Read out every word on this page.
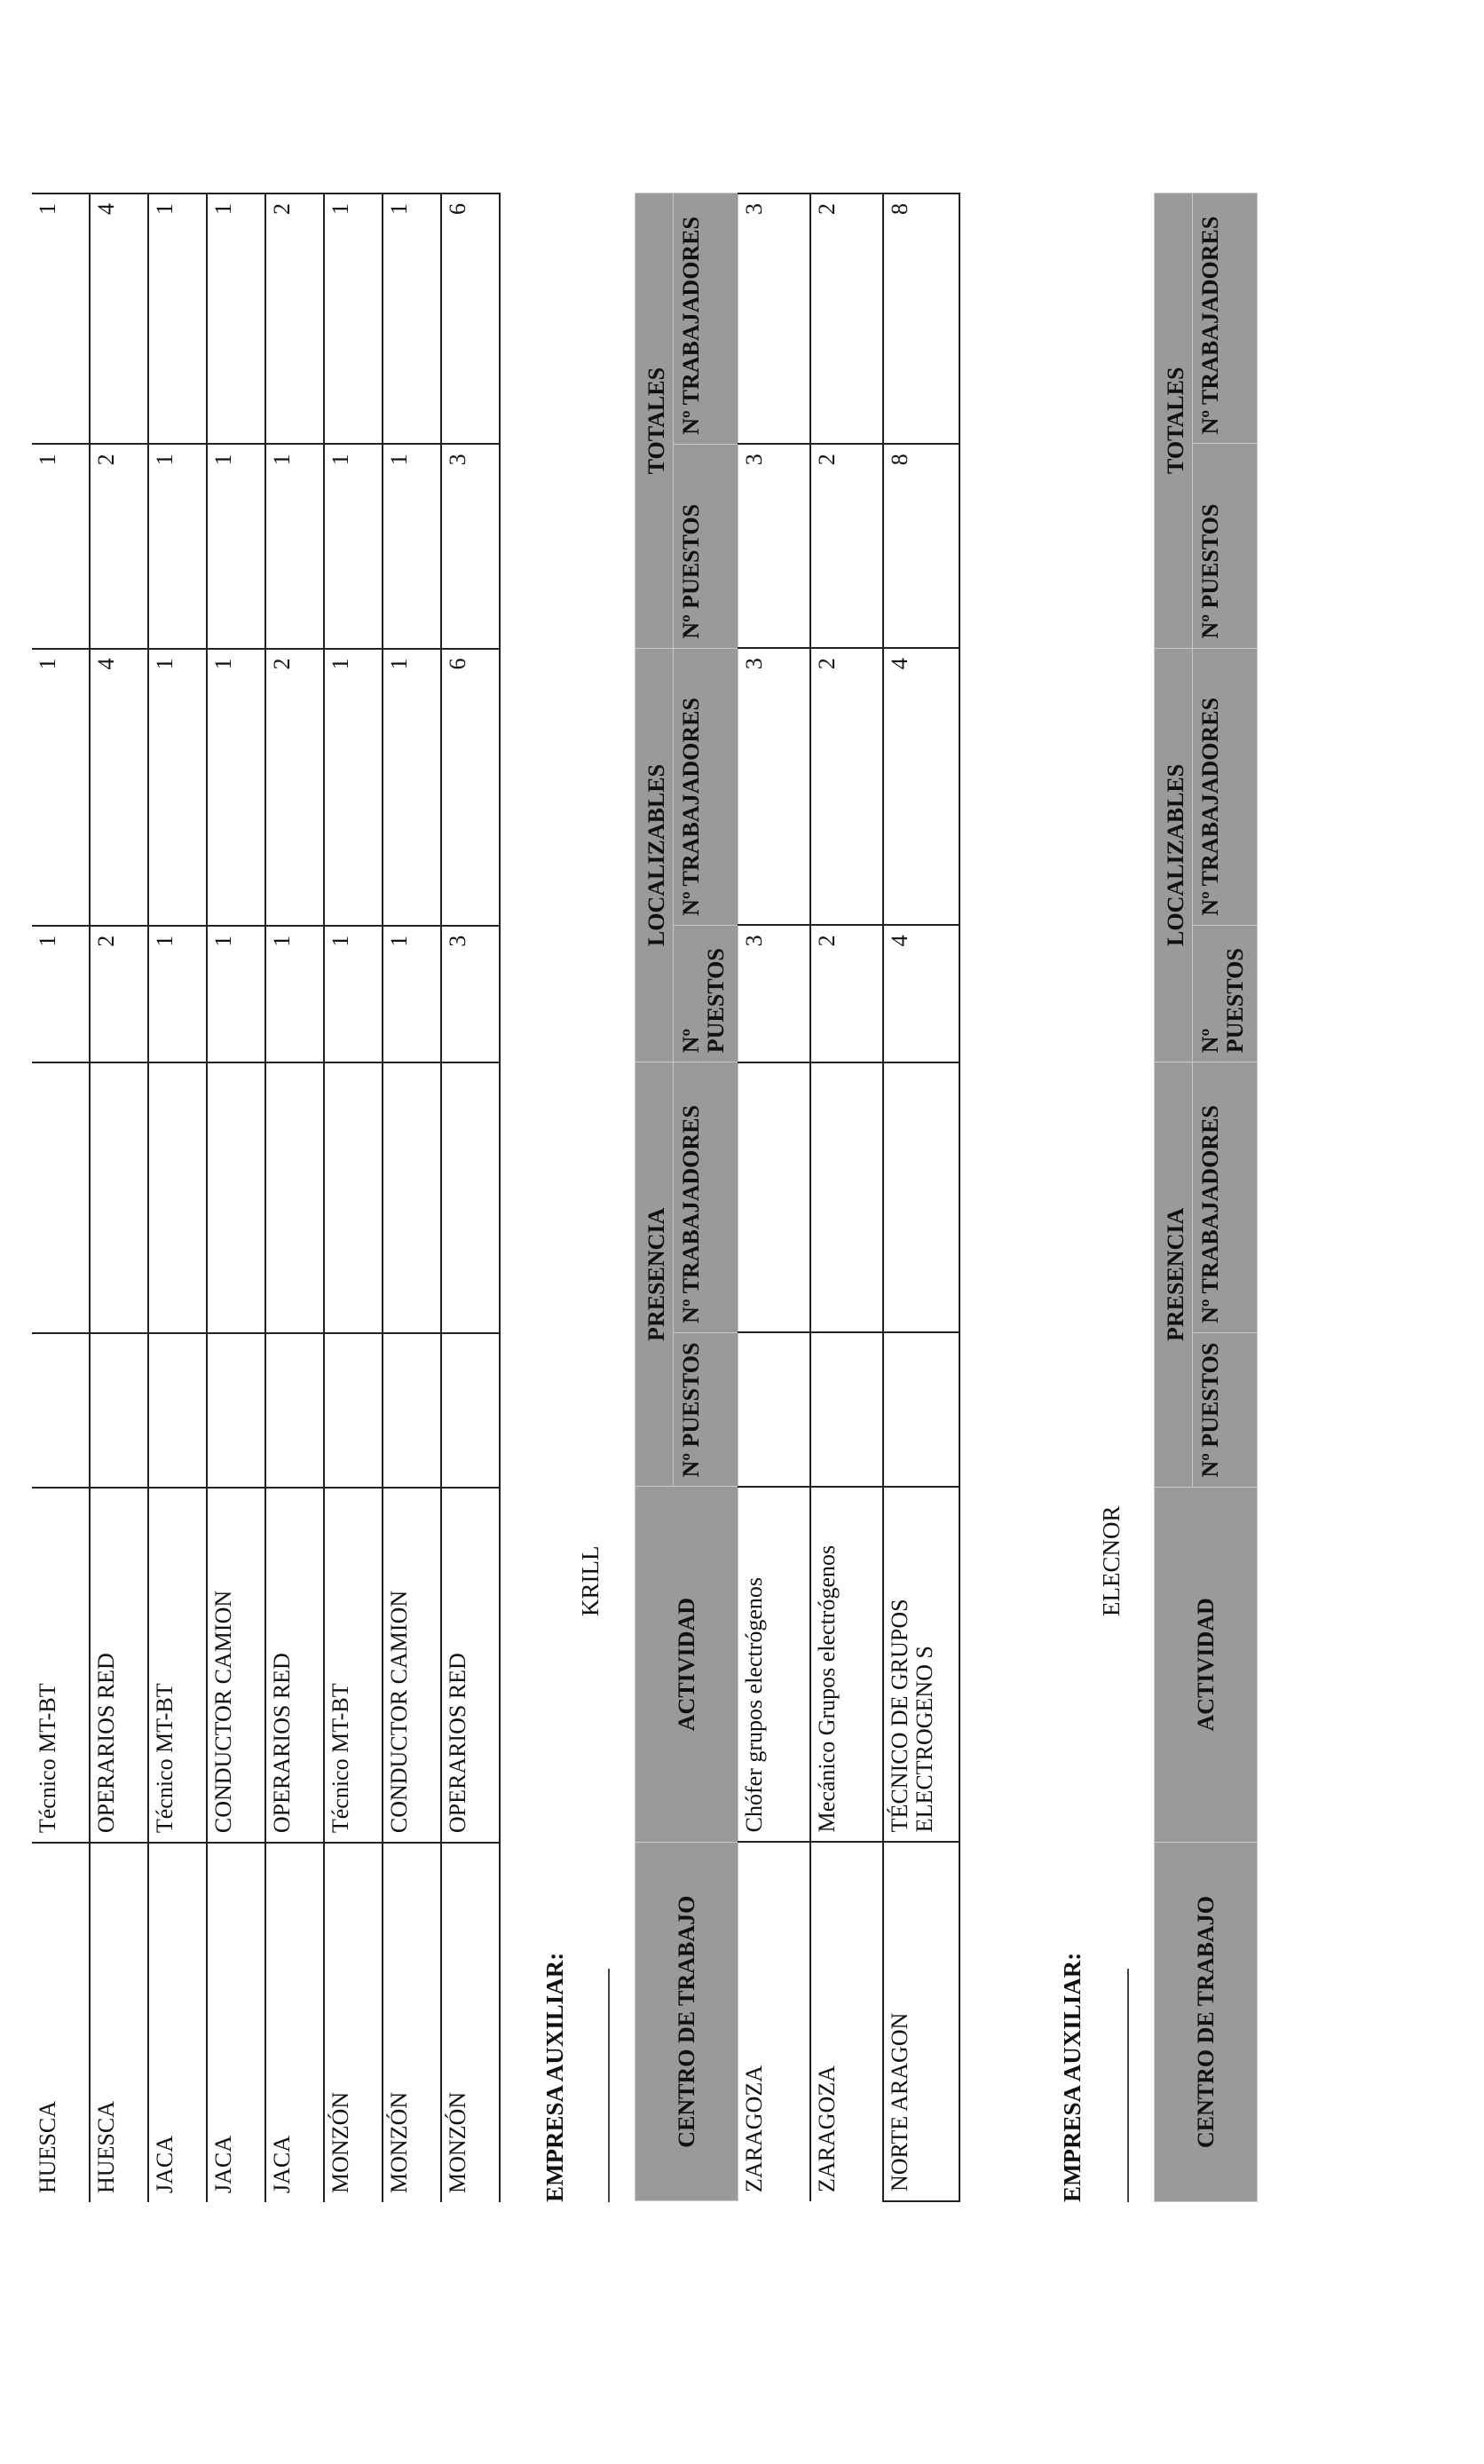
HUESCA	Técnico MT-BT			1	1	1	1
HUESCA	OPERARIOS RED			2	4	2	4
JACA	Técnico MT-BT			1	1	1	1
JACA	CONDUCTOR CAMION			1	1	1	1
JACA	OPERARIOS RED			1	2	1	2
MONZÓN	Técnico MT-BT			1	1	1	1
MONZÓN	CONDUCTOR CAMION			1	1	1	1
MONZÓN	OPERARIOS RED			3	6	3	6
EMPRESA AUXILIAR:
KRILL
CENTRO DE TRABAJO	ACTIVIDAD	PRESENCIA		LOCALIZABLES		TOTALES	
		Nº PUESTOS	Nº TRABAJADORES	Nº PUESTOS	Nº TRABAJADORES	Nº PUESTOS	Nº TRABAJADORES
ZARAGOZA	Chófer grupos electrógenos			3	3	3	3
ZARAGOZA	Mecánico Grupos electrógenos			2	2	2	2
NORTE ARAGON	TÉCNICO DE GRUPOS ELECTROGENO S			4	4	8	8
EMPRESA AUXILIAR:
ELECNOR
CENTRO DE TRABAJO	ACTIVIDAD	PRESENCIA		LOCALIZABLES		TOTALES	
		Nº PUESTOS	Nº TRABAJADORES	Nº PUESTOS	Nº TRABAJADORES	Nº PUESTOS	Nº TRABAJADORES
